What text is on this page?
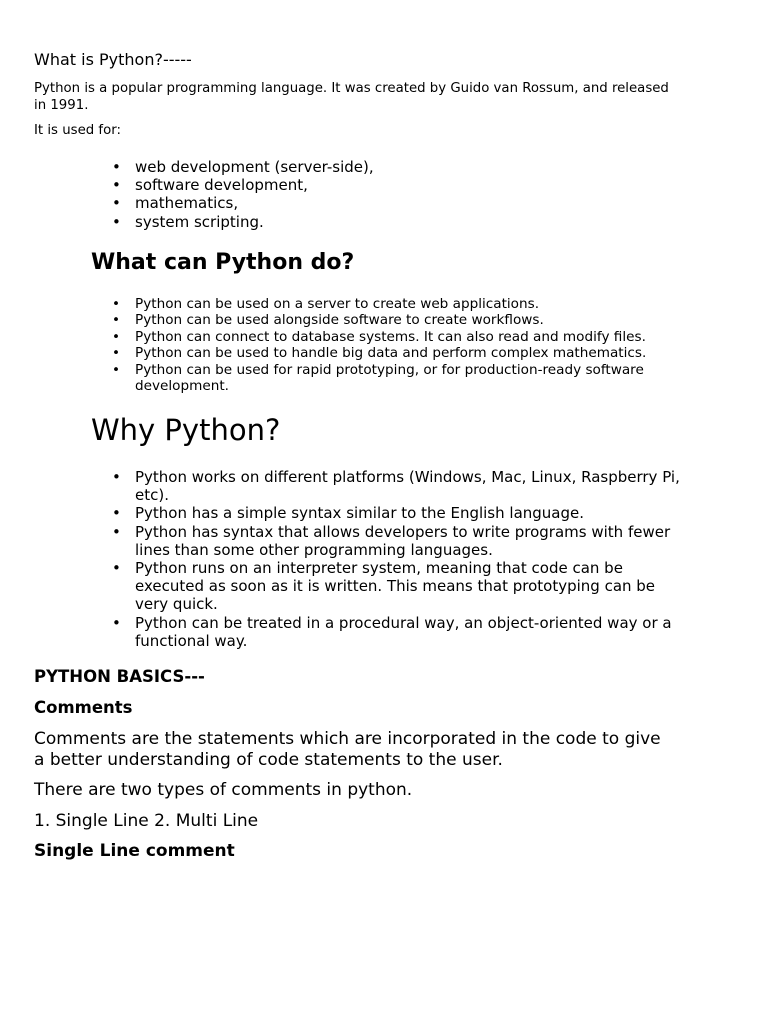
What is Python?-----

Python is a popular programming language. It was created by Guido van Rossum, and released in 1991.

It is used for:

• web development (server-side),
• software development,
• mathematics,
• system scripting.
What can Python do?
• Python can be used on a server to create web applications.
• Python can be used alongside software to create workflows.
• Python can connect to database systems. It can also read and modify files.
• Python can be used to handle big data and perform complex mathematics.
• Python can be used for rapid prototyping, or for production-ready software development.
Why Python?
• Python works on different platforms (Windows, Mac, Linux, Raspberry Pi, etc).
• Python has a simple syntax similar to the English language.
• Python has syntax that allows developers to write programs with fewer lines than some other programming languages.
• Python runs on an interpreter system, meaning that code can be executed as soon as it is written. This means that prototyping can be very quick.
• Python can be treated in a procedural way, an object-oriented way or a functional way.

PYTHON BASICS---

Comments

Comments are the statements which are incorporated in the code to give a better understanding of code statements to the user.

There are two types of comments in python.

1. Single Line 2. Multi Line

Single Line comment
